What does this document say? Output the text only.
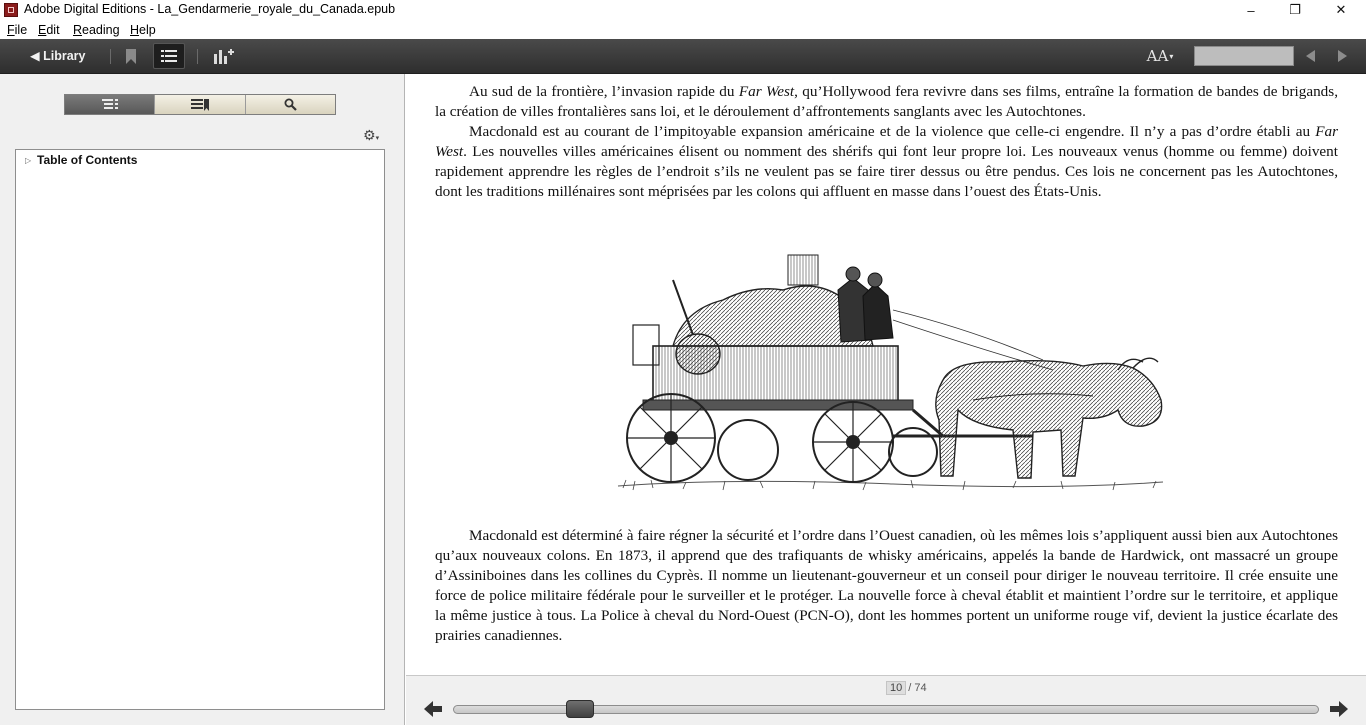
Adobe Digital Editions - La_Gendarmerie_royale_du_Canada.epub	–	❐	✕
File Edit Reading Help
◀ Library	AA ▾
⚙▾
▷ Table of Contents

Au sud de la frontière, l’invasion rapide du Far West, qu’Hollywood fera revivre dans ses films, entraîne la formation de bandes de brigands, la création de villes frontalières sans loi, et le déroulement d’affrontements sanglants avec les Autochtones.

Macdonald est au courant de l’impitoyable expansion américaine et de la violence que celle-ci engendre. Il n’y a pas d’ordre établi au Far West. Les nouvelles villes américaines élisent ou nomment des shérifs qui font leur propre loi. Les nouveaux venus (homme ou femme) doivent rapidement apprendre les règles de l’endroit s’ils ne veulent pas se faire tirer dessus ou être pendus. Ces lois ne concernent pas les Autochtones, dont les traditions millénaires sont méprisées par les colons qui affluent en masse dans l’ouest des États-Unis.

Macdonald est déterminé à faire régner la sécurité et l’ordre dans l’Ouest canadien, où les mêmes lois s’appliquent aussi bien aux Autochtones qu’aux nouveaux colons. En 1873, il apprend que des trafiquants de whisky américains, appelés la bande de Hardwick, ont massacré un groupe d’Assiniboines dans les collines du Cyprès. Il nomme un lieutenant-gouverneur et un conseil pour diriger le nouveau territoire. Il crée ensuite une force de police militaire fédérale pour le surveiller et le protéger. La nouvelle force à cheval établit et maintient l’ordre sur le territoire, et applique la même justice à tous. La Police à cheval du Nord-Ouest (PCN-O), dont les hommes portent un uniforme rouge vif, devient la justice écarlate des prairies canadiennes.

10 / 74
